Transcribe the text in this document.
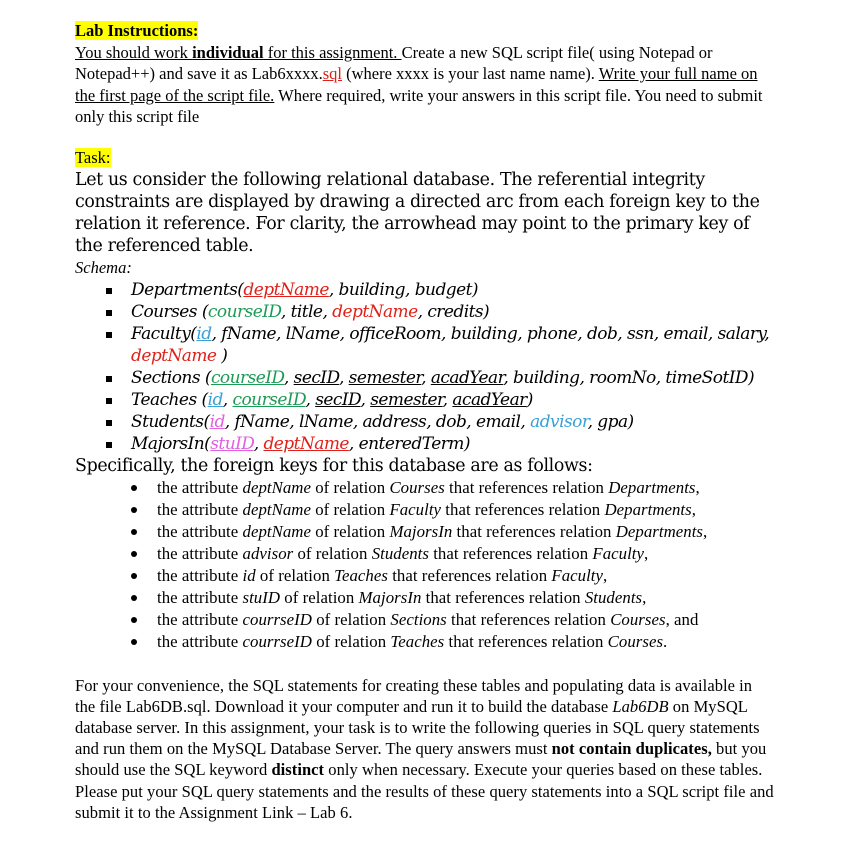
Lab Instructions:
You should work individual for this assignment. Create a new SQL script file( using Notepad or Notepad++) and save it as Lab6xxxx.sql (where xxxx is your last name name). Write your full name on the first page of the script file. Where required, write your answers in this script file. You need to submit only this script file
Task:
Let us consider the following relational database. The referential integrity constraints are displayed by drawing a directed arc from each foreign key to the relation it reference. For clarity, the arrowhead may point to the primary key of the referenced table.
Schema:
Departments(deptName, building, budget)
Courses (courseID, title, deptName, credits)
Faculty(id, fName, lName, officeRoom, building, phone, dob, ssn, email, salary,
deptName )
Sections (courseID, secID, semester, acadYear, building, roomNo, timeSotID)
Teaches (id, courseID, secID, semester, acadYear)
Students(id, fName, lName, address, dob, email, advisor, gpa)
MajorsIn(stuID, deptName, enteredTerm)
Specifically, the foreign keys for this database are as follows:
the attribute deptName of relation Courses that references relation Departments,
the attribute deptName of relation Faculty that references relation Departments,
the attribute deptName of relation MajorsIn that references relation Departments,
the attribute advisor of relation Students that references relation Faculty,
the attribute id of relation Teaches that references relation Faculty,
the attribute stuID of relation MajorsIn that references relation Students,
the attribute courrseID of relation Sections that references relation Courses, and
the attribute courrseID of relation Teaches that references relation Courses.
For your convenience, the SQL statements for creating these tables and populating data is available in the file Lab6DB.sql. Download it your computer and run it to build the database Lab6DB on MySQL database server. In this assignment, your task is to write the following queries in SQL query statements and run them on the MySQL Database Server. The query answers must not contain duplicates, but you should use the SQL keyword distinct only when necessary. Execute your queries based on these tables. Please put your SQL query statements and the results of these query statements into a SQL script file and submit it to the Assignment Link – Lab 6.
